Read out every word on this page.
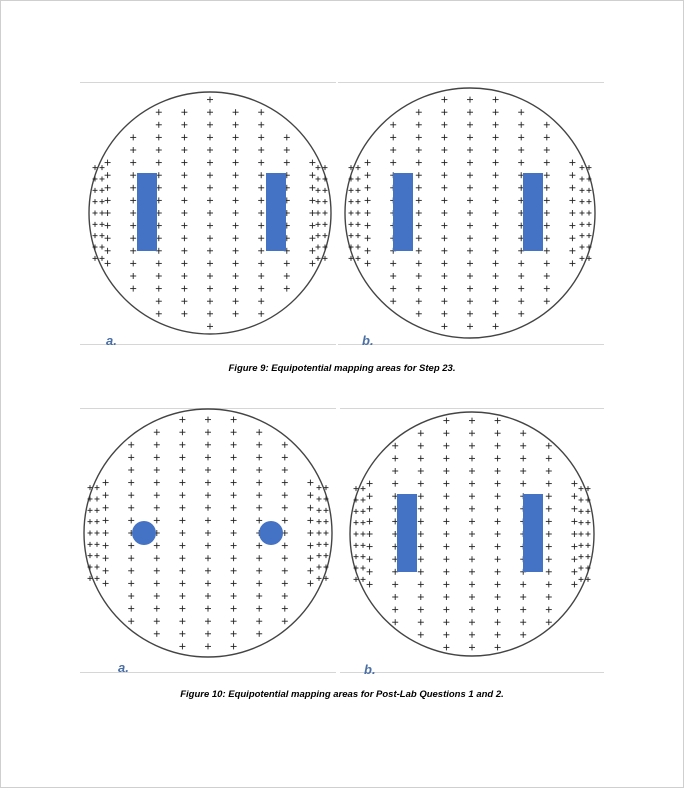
a.	b.
Figure 9: Equipotential mapping areas for Step 23.
a.	b.
Figure 10: Equipotential mapping areas for Post-Lab Questions 1 and 2.
